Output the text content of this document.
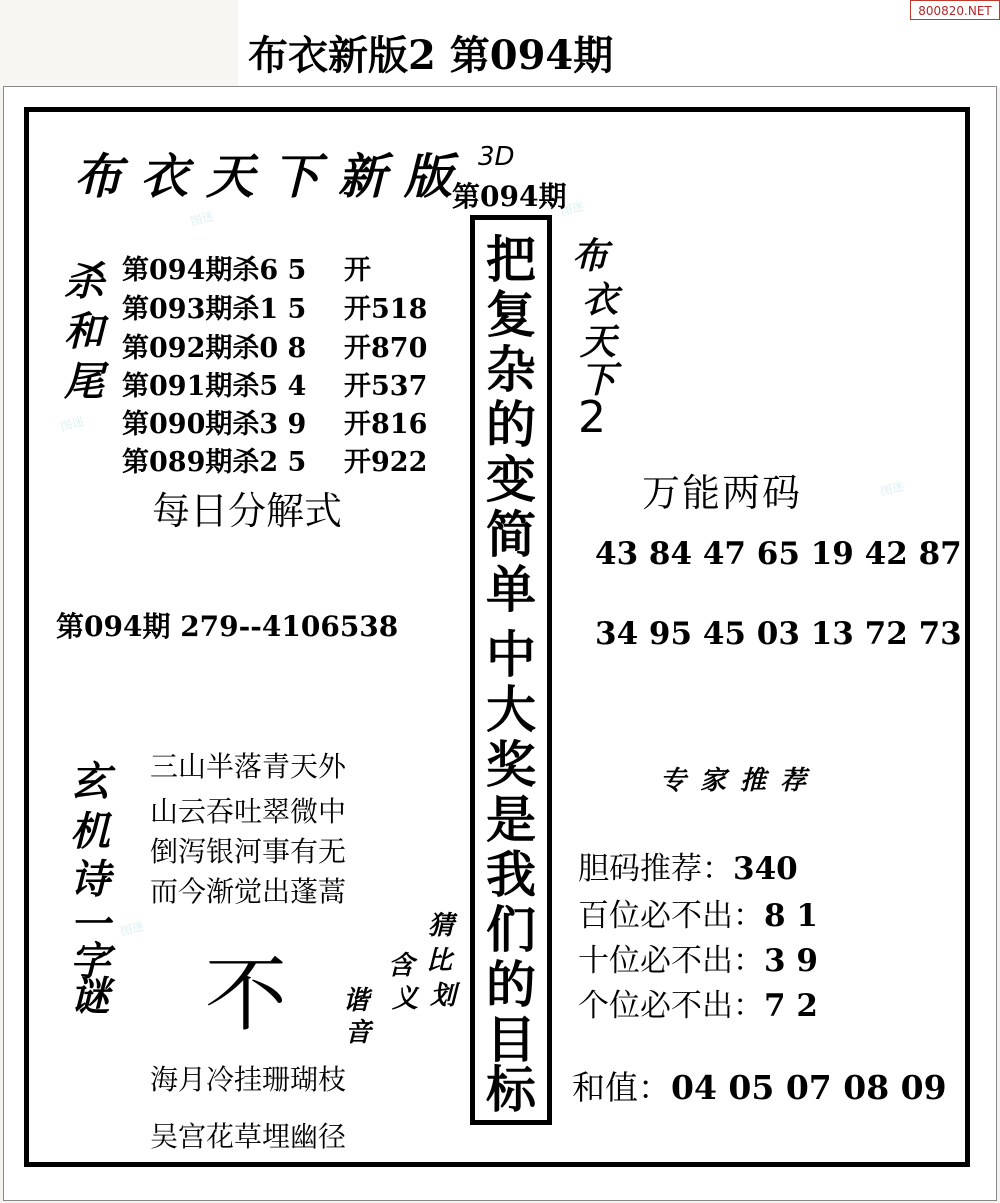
布衣新版2 第094期
800820.NET
图迷
图迷
图迷
图迷
图迷
布衣天下新版 3D
第094期
把
复
杂
的
变
简
单
中
大
奖
是
我
们
的
目
标
杀
和
尾
第094期杀6 5 开
第093期杀1 5 开518
第092期杀0 8 开870
第091期杀5 4 开537
第090期杀3 9 开816
第089期杀2 5 开922
每日分解式
第094期 279--4106538
布
衣
天
下
2
万能两码
43 84 47 65 19 42 87
34 95 45 03 13 72 73
专家推荐
胆码推荐：340
百位必不出：8 1
十位必不出：3 9
个位必不出：7 2
和值：04 05 07 08 09
玄
机
诗
一
字
谜
三山半落青天外
山云吞吐翠微中
倒泻银河事有无
而今渐觉出蓬蒿
不
猜
比
划
含
义
谐
音
海月冷挂珊瑚枝
吴宫花草埋幽径
